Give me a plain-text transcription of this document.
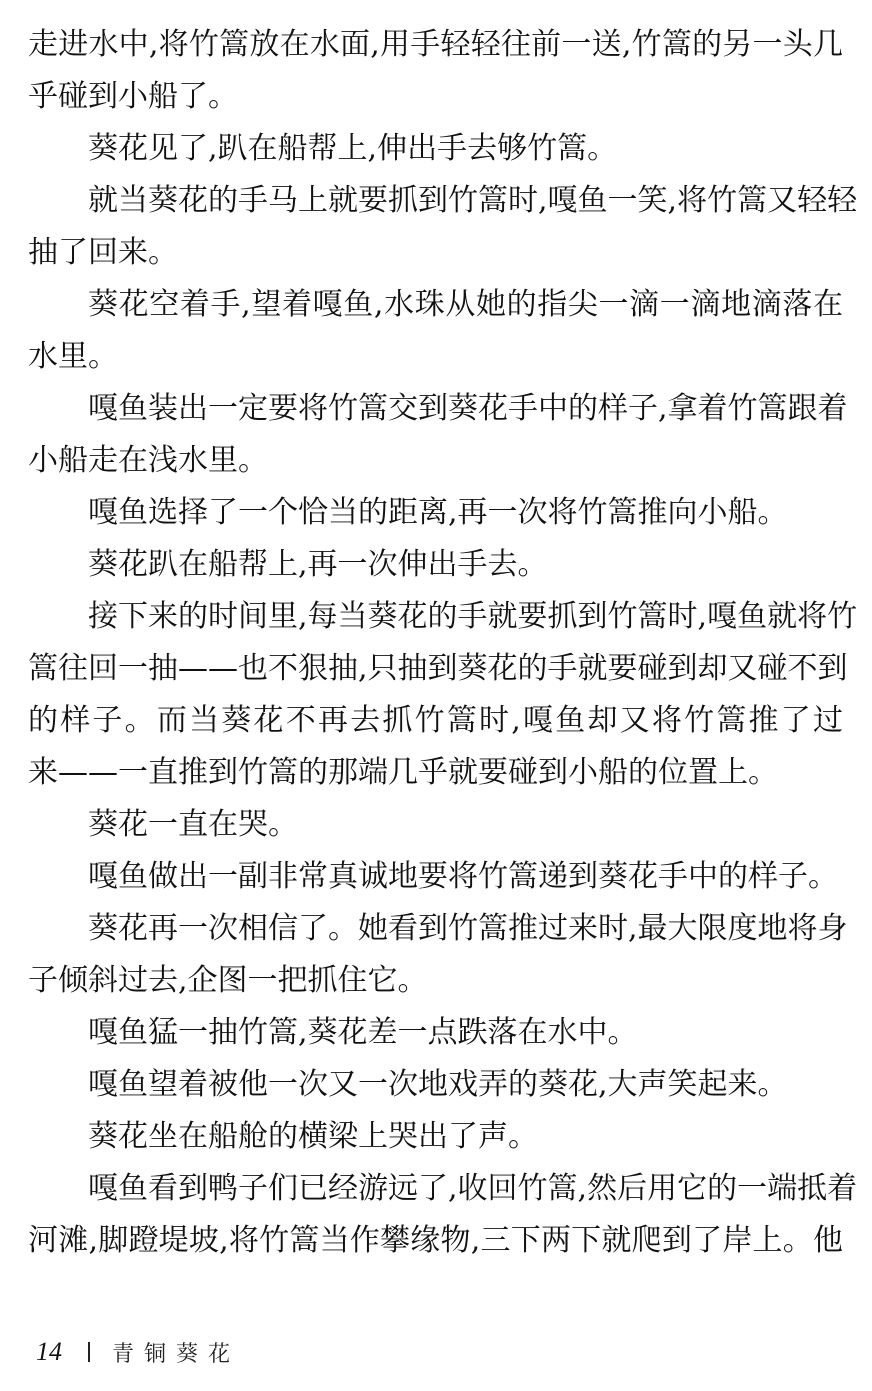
走进水中,将竹篙放在水面,用手轻轻往前一送,竹篙的另一头几
乎碰到小船了。
葵花见了,趴在船帮上,伸出手去够竹篙。
就当葵花的手马上就要抓到竹篙时,嘎鱼一笑,将竹篙又轻轻
抽了回来。
葵花空着手,望着嘎鱼,水珠从她的指尖一滴一滴地滴落在
水里。
嘎鱼装出一定要将竹篙交到葵花手中的样子,拿着竹篙跟着
小船走在浅水里。
嘎鱼选择了一个恰当的距离,再一次将竹篙推向小船。
葵花趴在船帮上,再一次伸出手去。
接下来的时间里,每当葵花的手就要抓到竹篙时,嘎鱼就将竹
篙往回一抽——也不狠抽,只抽到葵花的手就要碰到却又碰不到
的样子。而当葵花不再去抓竹篙时,嘎鱼却又将竹篙推了过
来——一直推到竹篙的那端几乎就要碰到小船的位置上。
葵花一直在哭。
嘎鱼做出一副非常真诚地要将竹篙递到葵花手中的样子。
葵花再一次相信了。她看到竹篙推过来时,最大限度地将身
子倾斜过去,企图一把抓住它。
嘎鱼猛一抽竹篙,葵花差一点跌落在水中。
嘎鱼望着被他一次又一次地戏弄的葵花,大声笑起来。
葵花坐在船舱的横梁上哭出了声。
嘎鱼看到鸭子们已经游远了,收回竹篙,然后用它的一端抵着
河滩,脚蹬堤坡,将竹篙当作攀缘物,三下两下就爬到了岸上。他
14	青铜葵花
